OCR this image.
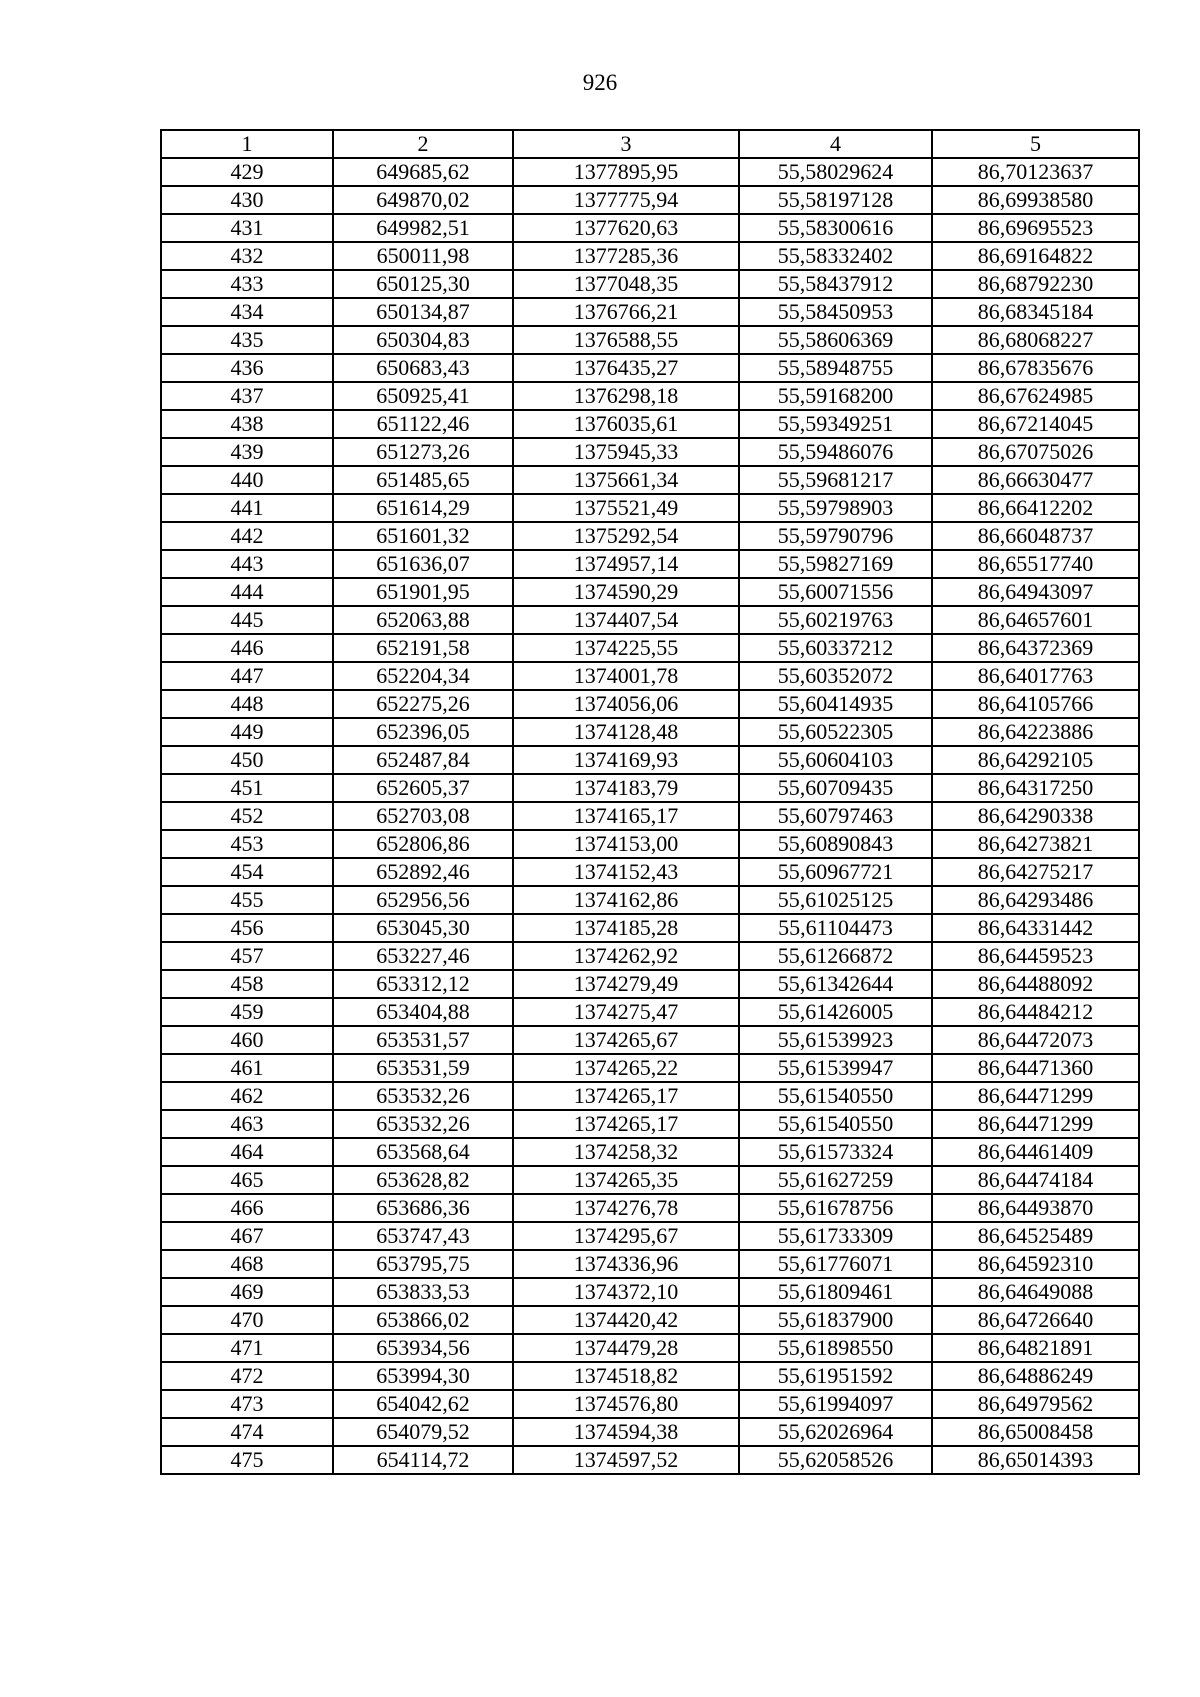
926
1	2	3	4	5
429	649685,62	1377895,95	55,58029624	86,70123637
430	649870,02	1377775,94	55,58197128	86,69938580
431	649982,51	1377620,63	55,58300616	86,69695523
432	650011,98	1377285,36	55,58332402	86,69164822
433	650125,30	1377048,35	55,58437912	86,68792230
434	650134,87	1376766,21	55,58450953	86,68345184
435	650304,83	1376588,55	55,58606369	86,68068227
436	650683,43	1376435,27	55,58948755	86,67835676
437	650925,41	1376298,18	55,59168200	86,67624985
438	651122,46	1376035,61	55,59349251	86,67214045
439	651273,26	1375945,33	55,59486076	86,67075026
440	651485,65	1375661,34	55,59681217	86,66630477
441	651614,29	1375521,49	55,59798903	86,66412202
442	651601,32	1375292,54	55,59790796	86,66048737
443	651636,07	1374957,14	55,59827169	86,65517740
444	651901,95	1374590,29	55,60071556	86,64943097
445	652063,88	1374407,54	55,60219763	86,64657601
446	652191,58	1374225,55	55,60337212	86,64372369
447	652204,34	1374001,78	55,60352072	86,64017763
448	652275,26	1374056,06	55,60414935	86,64105766
449	652396,05	1374128,48	55,60522305	86,64223886
450	652487,84	1374169,93	55,60604103	86,64292105
451	652605,37	1374183,79	55,60709435	86,64317250
452	652703,08	1374165,17	55,60797463	86,64290338
453	652806,86	1374153,00	55,60890843	86,64273821
454	652892,46	1374152,43	55,60967721	86,64275217
455	652956,56	1374162,86	55,61025125	86,64293486
456	653045,30	1374185,28	55,61104473	86,64331442
457	653227,46	1374262,92	55,61266872	86,64459523
458	653312,12	1374279,49	55,61342644	86,64488092
459	653404,88	1374275,47	55,61426005	86,64484212
460	653531,57	1374265,67	55,61539923	86,64472073
461	653531,59	1374265,22	55,61539947	86,64471360
462	653532,26	1374265,17	55,61540550	86,64471299
463	653532,26	1374265,17	55,61540550	86,64471299
464	653568,64	1374258,32	55,61573324	86,64461409
465	653628,82	1374265,35	55,61627259	86,64474184
466	653686,36	1374276,78	55,61678756	86,64493870
467	653747,43	1374295,67	55,61733309	86,64525489
468	653795,75	1374336,96	55,61776071	86,64592310
469	653833,53	1374372,10	55,61809461	86,64649088
470	653866,02	1374420,42	55,61837900	86,64726640
471	653934,56	1374479,28	55,61898550	86,64821891
472	653994,30	1374518,82	55,61951592	86,64886249
473	654042,62	1374576,80	55,61994097	86,64979562
474	654079,52	1374594,38	55,62026964	86,65008458
475	654114,72	1374597,52	55,62058526	86,65014393
